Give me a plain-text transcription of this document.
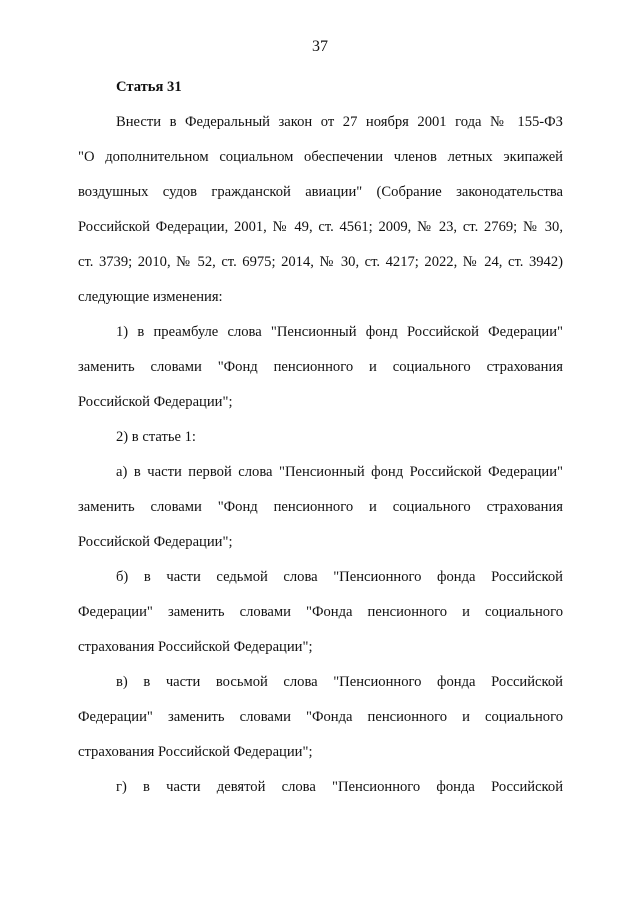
37
Статья 31
Внести в Федеральный закон от 27 ноября 2001 года № 155-ФЗ
"О дополнительном социальном обеспечении членов летных экипажей
воздушных судов гражданской авиации" (Собрание законодательства
Российской Федерации, 2001, № 49, ст. 4561; 2009, № 23, ст. 2769; № 30,
ст. 3739; 2010, № 52, ст. 6975; 2014, № 30, ст. 4217; 2022, № 24, ст. 3942)
следующие изменения:
1) в преамбуле слова "Пенсионный фонд Российской Федерации"
заменить словами "Фонд пенсионного и социального страхования
Российской Федерации";
2) в статье 1:
а) в части первой слова "Пенсионный фонд Российской Федерации"
заменить словами "Фонд пенсионного и социального страхования
Российской Федерации";
б) в части седьмой слова "Пенсионного фонда Российской
Федерации" заменить словами "Фонда пенсионного и социального
страхования Российской Федерации";
в) в части восьмой слова "Пенсионного фонда Российской
Федерации" заменить словами "Фонда пенсионного и социального
страхования Российской Федерации";
г) в части девятой слова "Пенсионного фонда Российской
